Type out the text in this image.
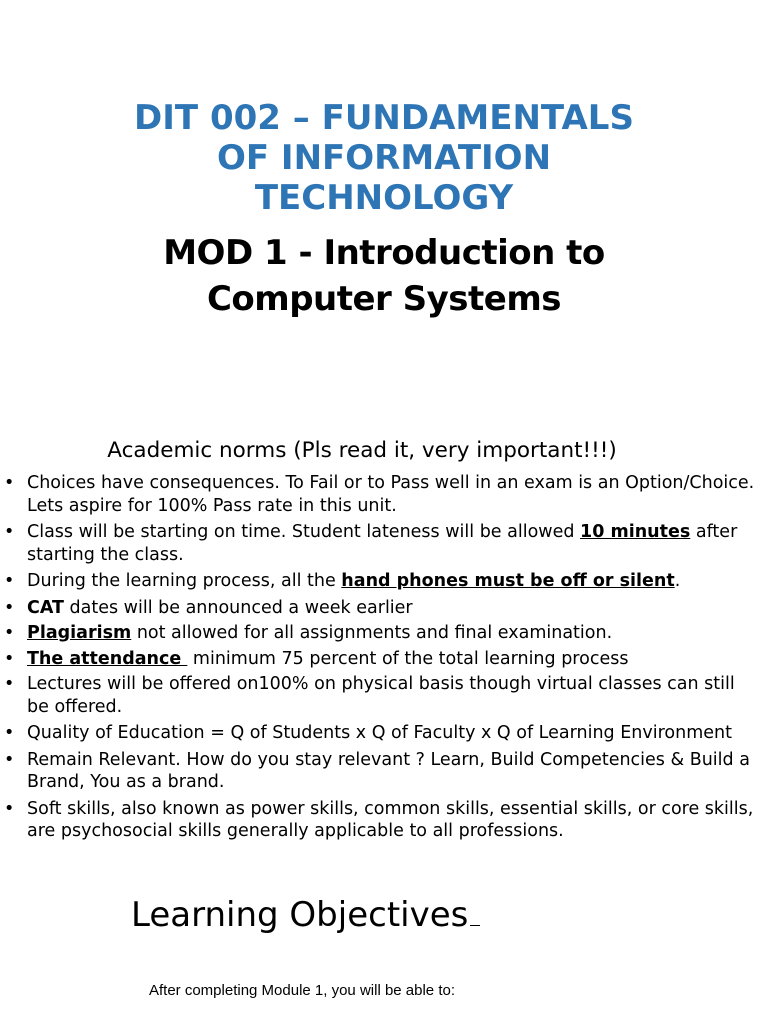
DIT 002 – FUNDAMENTALS
OF INFORMATION
TECHNOLOGY
MOD 1 - Introduction to
Computer Systems
Academic norms (Pls read it, very important!!!)
• Choices have consequences. To Fail or to Pass well in an exam is an Option/Choice. Lets aspire for 100% Pass rate in this unit.
• Class will be starting on time. Student lateness will be allowed 10 minutes after starting the class.
• During the learning process, all the hand phones must be off or silent.
• CAT dates will be announced a week earlier
• Plagiarism not allowed for all assignments and final examination.
• The attendance  minimum 75 percent of the total learning process
• Lectures will be offered on100% on physical basis though virtual classes can still be offered.
• Quality of Education = Q of Students x Q of Faculty x Q of Learning Environment
• Remain Relevant. How do you stay relevant ? Learn, Build Competencies & Build a Brand, You as a brand.
• Soft skills, also known as power skills, common skills, essential skills, or core skills, are psychosocial skills generally applicable to all professions.
Learning Objectives

After completing Module 1, you will be able to:
